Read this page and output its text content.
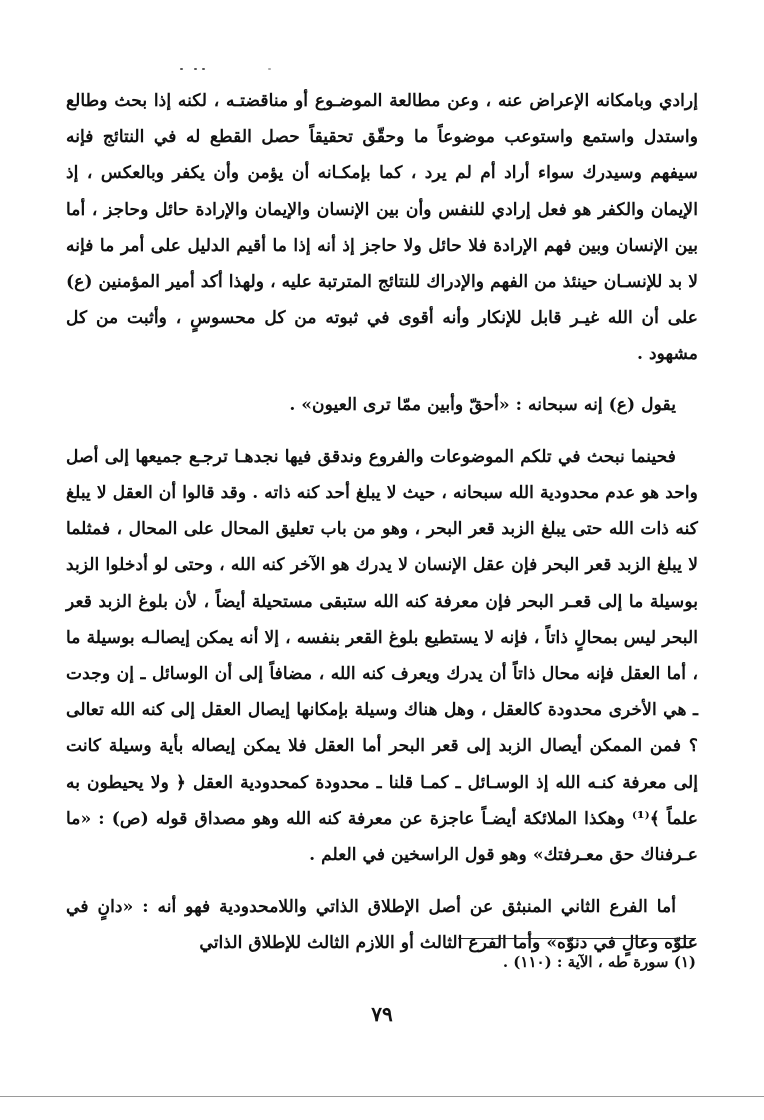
إرادي وبامكانه الإعراض عنه ، وعن مطالعة الموضـوع أو مناقضتـه ، لكنه إذا بحث وطالع واستدل واستمع واستوعب موضوعاً ما وحقّق تحقيقاً حصل القطع له في النتائج فإنه سيفهم وسيدرك سواء أراد أم لم يرد ، كما بإمكـانه أن يؤمن وأن يكفر وبالعكس ، إذ الإيمان والكفر هو فعل إرادي للنفس وأن بين الإنسان والإيمان والإرادة حائل وحاجز ، أما بين الإنسان وبين فهم الإرادة فلا حائل ولا حاجز إذ أنه إذا ما أقيم الدليل على أمر ما فإنه لا بد للإنسـان حينئذ من الفهم والإدراك للنتائج المترتبة عليه ، ولهذا أكد أمير المؤمنين (ع) على أن الله غيـر قابل للإنكار وأنه أقوى في ثبوته من كل محسوسٍ ، وأثبت من كل مشهود .

يقول (ع) إنه سبحانه : «أحقّ وأبين ممّا ترى العيون» .

فحينما نبحث في تلكم الموضوعات والفروع وندقق فيها نجدهـا ترجـع جميعها إلى أصل واحد هو عدم محدودية الله سبحانه ، حيث لا يبلغ أحد كنه ذاته . وقد قالوا أن العقل لا يبلغ كنه ذات الله حتى يبلغ الزبد قعر البحر ، وهو من باب تعليق المحال على المحال ، فمثلما لا يبلغ الزبد قعر البحر فإن عقل الإنسان لا يدرك هو الآخر كنه الله ، وحتى لو أدخلوا الزبد بوسيلة ما إلى قعـر البحر فإن معرفة كنه الله ستبقى مستحيلة أيضاً ، لأن بلوغ الزبد قعر البحر ليس بمحالٍ ذاتاً ، فإنه لا يستطيع بلوغ القعر بنفسه ، إلا أنه يمكن إيصالـه بوسيلة ما ، أما العقل فإنه محال ذاتاً أن يدرك ويعرف كنه الله ، مضافاً إلى أن الوسائل ـ إن وجدت ـ هي الأخرى محدودة كالعقل ، وهل هناك وسيلة بإمكانها إيصال العقل إلى كنه الله تعالى ؟ فمن الممكن أيصال الزبد إلى قعر البحر أما العقل فلا يمكن إيصاله بأية وسيلة كانت إلى معرفة كنـه الله إذ الوسـائل ـ كمـا قلنا ـ محدودة كمحدودية العقل ﴿ ولا يحيطون به علماً ﴾⁽¹⁾ وهكذا الملائكة أيضـاً عاجزة عن معرفة كنه الله وهو مصداق قوله (ص) : «ما عـرفناك حق معـرفتك» وهو قول الراسخين في العلم .

أما الفرع الثاني المنبثق عن أصل الإطلاق الذاتي واللامحدودية فهو أنه : «دانٍ في علوّه وعالٍ في دنوّه» وأما الفرع الثالث أو اللازم الثالث للإطلاق الذاتي

(١) سورة طه ، الآية : (١١٠) .
٧٩
